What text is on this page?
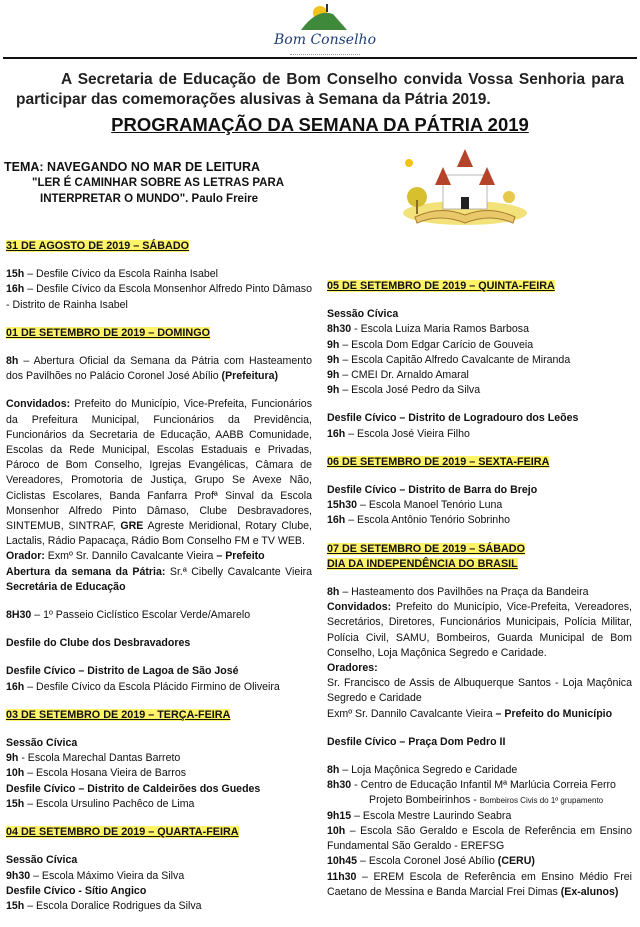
Bom Conselho
A Secretaria de Educação de Bom Conselho convida Vossa Senhoria para participar das comemorações alusivas à Semana da Pátria 2019.
PROGRAMAÇÃO DA SEMANA DA PÁTRIA 2019
TEMA: NAVEGANDO NO MAR DE LEITURA
"LER É CAMINHAR SOBRE AS LETRAS PARA
INTERPRETAR O MUNDO". Paulo Freire
31 DE AGOSTO DE 2019 – SÁBADO
15h – Desfile Cívico da Escola Rainha Isabel
16h – Desfile Cívico da Escola Monsenhor Alfredo Pinto Dâmaso - Distrito de Rainha Isabel
01 DE SETEMBRO DE 2019 – DOMINGO
8h – Abertura Oficial da Semana da Pátria com Hasteamento dos Pavilhões no Palácio Coronel José Abílio (Prefeitura)
Convidados: Prefeito do Município, Vice-Prefeita, Funcionários da Prefeitura Municipal, Funcionários da Previdência, Funcionários da Secretaria de Educação, AABB Comunidade, Escolas da Rede Municipal, Escolas Estaduais e Privadas, Pároco de Bom Conselho, Igrejas Evangélicas, Câmara de Vereadores, Promotoria de Justiça, Grupo Se Avexe Não, Ciclistas Escolares, Banda Fanfarra Profª Sinval da Escola Monsenhor Alfredo Pinto Dâmaso, Clube Desbravadores, SINTEMUB, SINTRAF, GRE Agreste Meridional, Rotary Clube, Lactalis, Rádio Papacaça, Rádio Bom Conselho FM e TV WEB.
Orador: Exmº Sr. Dannilo Cavalcante Vieira – Prefeito
Abertura da semana da Pátria: Sr.ª Cibelly Cavalcante Vieira Secretária de Educação
8H30 – 1º Passeio Ciclístico Escolar Verde/Amarelo
Desfile do Clube dos Desbravadores
Desfile Cívico – Distrito de Lagoa de São José
16h – Desfile Cívico da Escola Plácido Firmino de Oliveira
03 DE SETEMBRO DE 2019 – TERÇA-FEIRA
Sessão Cívica
9h - Escola Marechal Dantas Barreto
10h – Escola Hosana Vieira de Barros
Desfile Cívico – Distrito de Caldeirões dos Guedes
15h – Escola Ursulino Pachêco de Lima
04 DE SETEMBRO DE 2019 – QUARTA-FEIRA
Sessão Cívica
9h30 – Escola Máximo Vieira da Silva
Desfile Cívico - Sítio Angico
15h – Escola Doralice Rodrigues da Silva
05 DE SETEMBRO DE 2019 – QUINTA-FEIRA
Sessão Cívica
8h30 - Escola Luiza Maria Ramos Barbosa
9h – Escola Dom Edgar Carício de Gouveia
9h – Escola Capitão Alfredo Cavalcante de Miranda
9h – CMEI Dr. Arnaldo Amaral
9h – Escola José Pedro da Silva
Desfile Cívico – Distrito de Logradouro dos Leões
16h – Escola José Vieira Filho
06 DE SETEMBRO DE 2019 – SEXTA-FEIRA
Desfile Cívico – Distrito de Barra do Brejo
15h30 – Escola Manoel Tenório Luna
16h – Escola Antônio Tenório Sobrinho
07 DE SETEMBRO DE 2019 – SÁBADO
DIA DA INDEPENDÊNCIA DO BRASIL
8h – Hasteamento dos Pavilhões na Praça da Bandeira
Convidados: Prefeito do Município, Vice-Prefeita, Vereadores, Secretários, Diretores, Funcionários Municipais, Polícia Militar, Polícia Civil, SAMU, Bombeiros, Guarda Municipal de Bom Conselho, Loja Maçônica Segredo e Caridade.
Oradores:
Sr. Francisco de Assis de Albuquerque Santos - Loja Maçônica Segredo e Caridade
Exmº Sr. Dannilo Cavalcante Vieira – Prefeito do Município
Desfile Cívico – Praça Dom Pedro II
8h – Loja Maçônica Segredo e Caridade
8h30 - Centro de Educação Infantil Mª Marlúcia Correia Ferro
Projeto Bombeirinhos - Bombeiros Civis do 1º grupamento
9h15 – Escola Mestre Laurindo Seabra
10h – Escola São Geraldo e Escola de Referência em Ensino Fundamental São Geraldo - EREFSG
10h45 – Escola Coronel José Abílio (CERU)
11h30 – EREM Escola de Referência em Ensino Médio Frei Caetano de Messina e Banda Marcial Frei Dimas (Ex-alunos)
